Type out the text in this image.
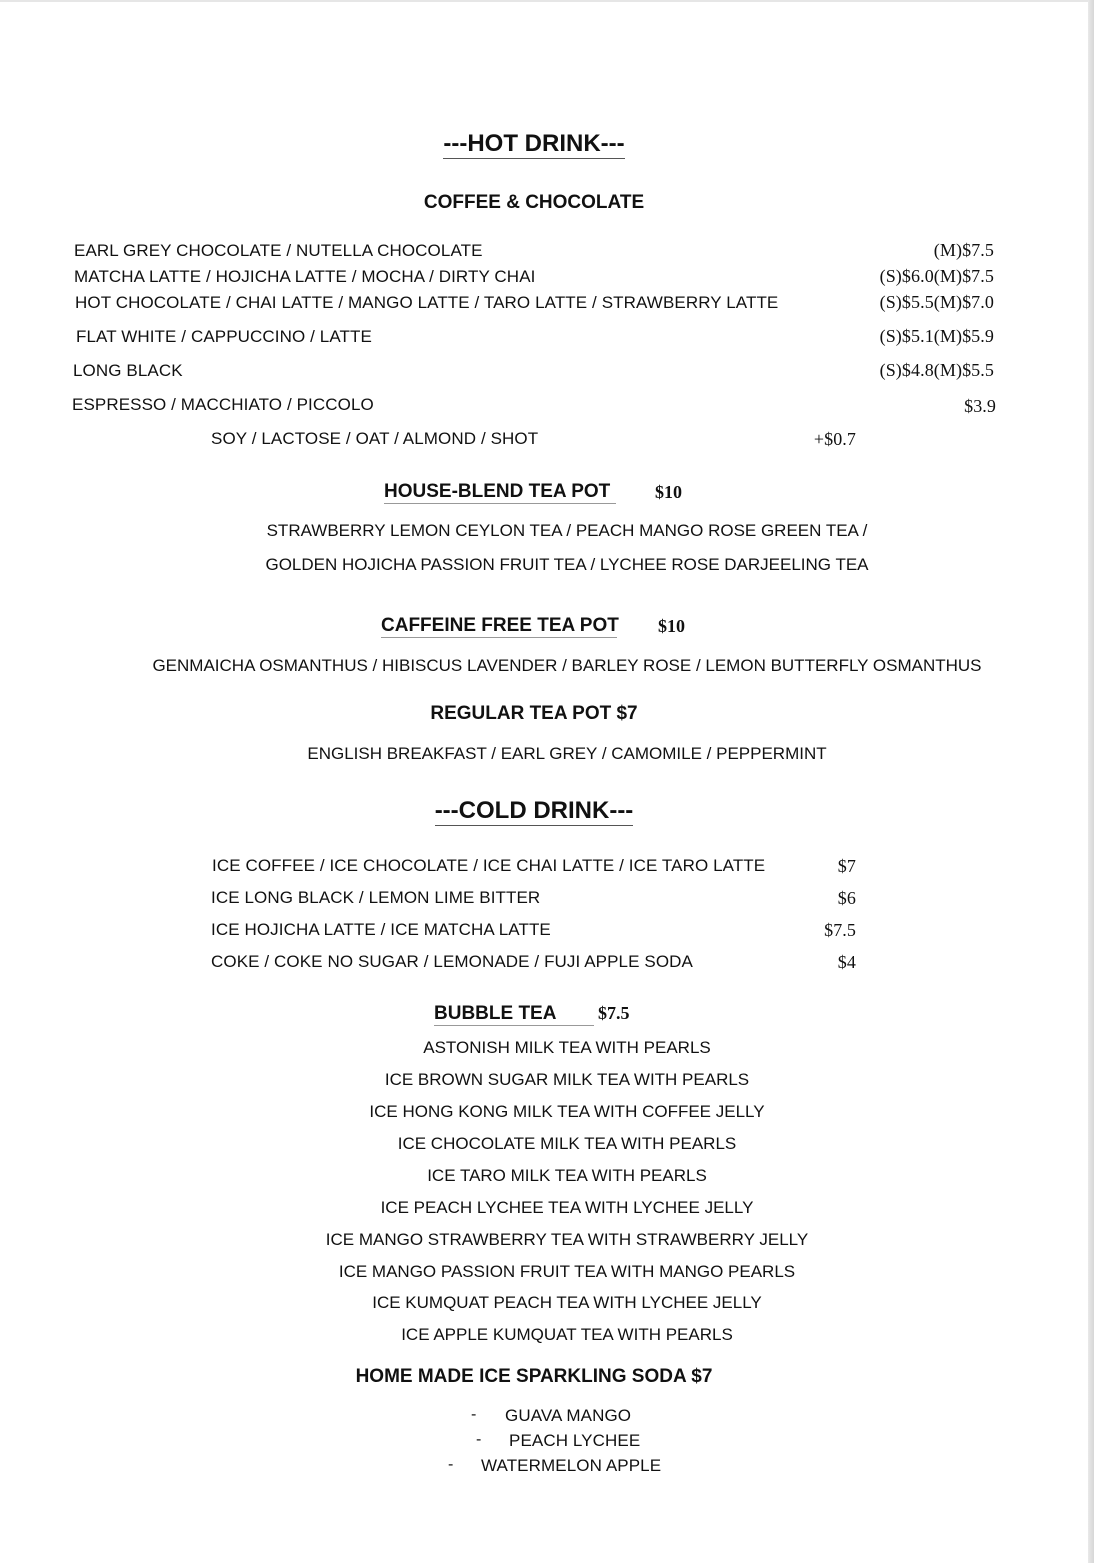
---HOT DRINK---
COFFEE & CHOCOLATE
EARL GREY CHOCOLATE / NUTELLA CHOCOLATE	(M)$7.5
MATCHA LATTE / HOJICHA LATTE / MOCHA / DIRTY CHAI	(S)$6.0(M)$7.5
HOT CHOCOLATE / CHAI LATTE / MANGO LATTE / TARO LATTE / STRAWBERRY LATTE	(S)$5.5(M)$7.0
FLAT WHITE / CAPPUCCINO / LATTE	(S)$5.1(M)$5.9
LONG BLACK	(S)$4.8(M)$5.5
ESPRESSO / MACCHIATO / PICCOLO	$3.9
SOY / LACTOSE / OAT / ALMOND / SHOT	+$0.7
HOUSE-BLEND TEA POT	$10
STRAWBERRY LEMON CEYLON TEA / PEACH MANGO ROSE GREEN TEA /
GOLDEN HOJICHA PASSION FRUIT TEA / LYCHEE ROSE DARJEELING TEA
CAFFEINE FREE TEA POT $10
GENMAICHA OSMANTHUS / HIBISCUS LAVENDER / BARLEY ROSE / LEMON BUTTERFLY OSMANTHUS
REGULAR TEA POT $7
ENGLISH BREAKFAST / EARL GREY / CAMOMILE / PEPPERMINT
---COLD DRINK---
ICE COFFEE / ICE CHOCOLATE / ICE CHAI LATTE / ICE TARO LATTE	$7
ICE LONG BLACK / LEMON LIME BITTER	$6
ICE HOJICHA LATTE / ICE MATCHA LATTE	$7.5
COKE / COKE NO SUGAR / LEMONADE / FUJI APPLE SODA	$4
BUBBLE TEA	$7.5
ASTONISH MILK TEA WITH PEARLS
ICE BROWN SUGAR MILK TEA WITH PEARLS
ICE HONG KONG MILK TEA WITH COFFEE JELLY
ICE CHOCOLATE MILK TEA WITH PEARLS
ICE TARO MILK TEA WITH PEARLS
ICE PEACH LYCHEE TEA WITH LYCHEE JELLY
ICE MANGO STRAWBERRY TEA WITH STRAWBERRY JELLY
ICE MANGO PASSION FRUIT TEA WITH MANGO PEARLS
ICE KUMQUAT PEACH TEA WITH LYCHEE JELLY
ICE APPLE KUMQUAT TEA WITH PEARLS
HOME MADE ICE SPARKLING SODA $7
- GUAVA MANGO
- PEACH LYCHEE
- WATERMELON APPLE
